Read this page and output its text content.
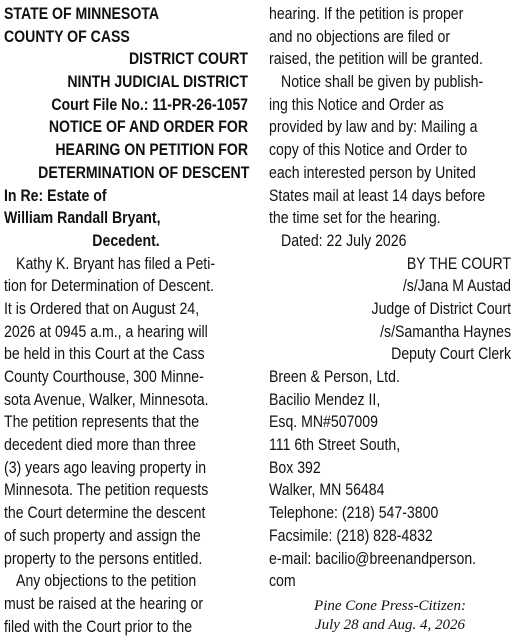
STATE OF MINNESOTA
COUNTY OF CASS
DISTRICT COURT
NINTH JUDICIAL DISTRICT
Court File No.: 11-PR-26-1057
NOTICE OF AND ORDER FOR
HEARING ON PETITION FOR
DETERMINATION OF DESCENT
In Re: Estate of
William Randall Bryant,
Decedent.
Kathy K. Bryant has filed a Peti-
tion for Determination of Descent.
It is Ordered that on August 24,
2026 at 0945 a.m., a hearing will
be held in this Court at the Cass
County Courthouse, 300 Minne-
sota Avenue, Walker, Minnesota.
The petition represents that the
decedent died more than three
(3) years ago leaving property in
Minnesota. The petition requests
the Court determine the descent
of such property and assign the
property to the persons entitled.
Any objections to the petition
must be raised at the hearing or
filed with the Court prior to the
hearing. If the petition is proper
and no objections are filed or
raised, the petition will be granted.
Notice shall be given by publish-
ing this Notice and Order as
provided by law and by: Mailing a
copy of this Notice and Order to
each interested person by United
States mail at least 14 days before
the time set for the hearing.
Dated: 22 July 2026
BY THE COURT
/s/Jana M Austad
Judge of District Court
/s/Samantha Haynes
Deputy Court Clerk
Breen & Person, Ltd.
Bacilio Mendez II,
Esq. MN#507009
111 6th Street South,
Box 392
Walker, MN 56484
Telephone: (218) 547-3800
Facsimile: (218) 828-4832
e-mail: bacilio@breenandperson.
com
Pine Cone Press-Citizen:
July 28 and Aug. 4, 2026
